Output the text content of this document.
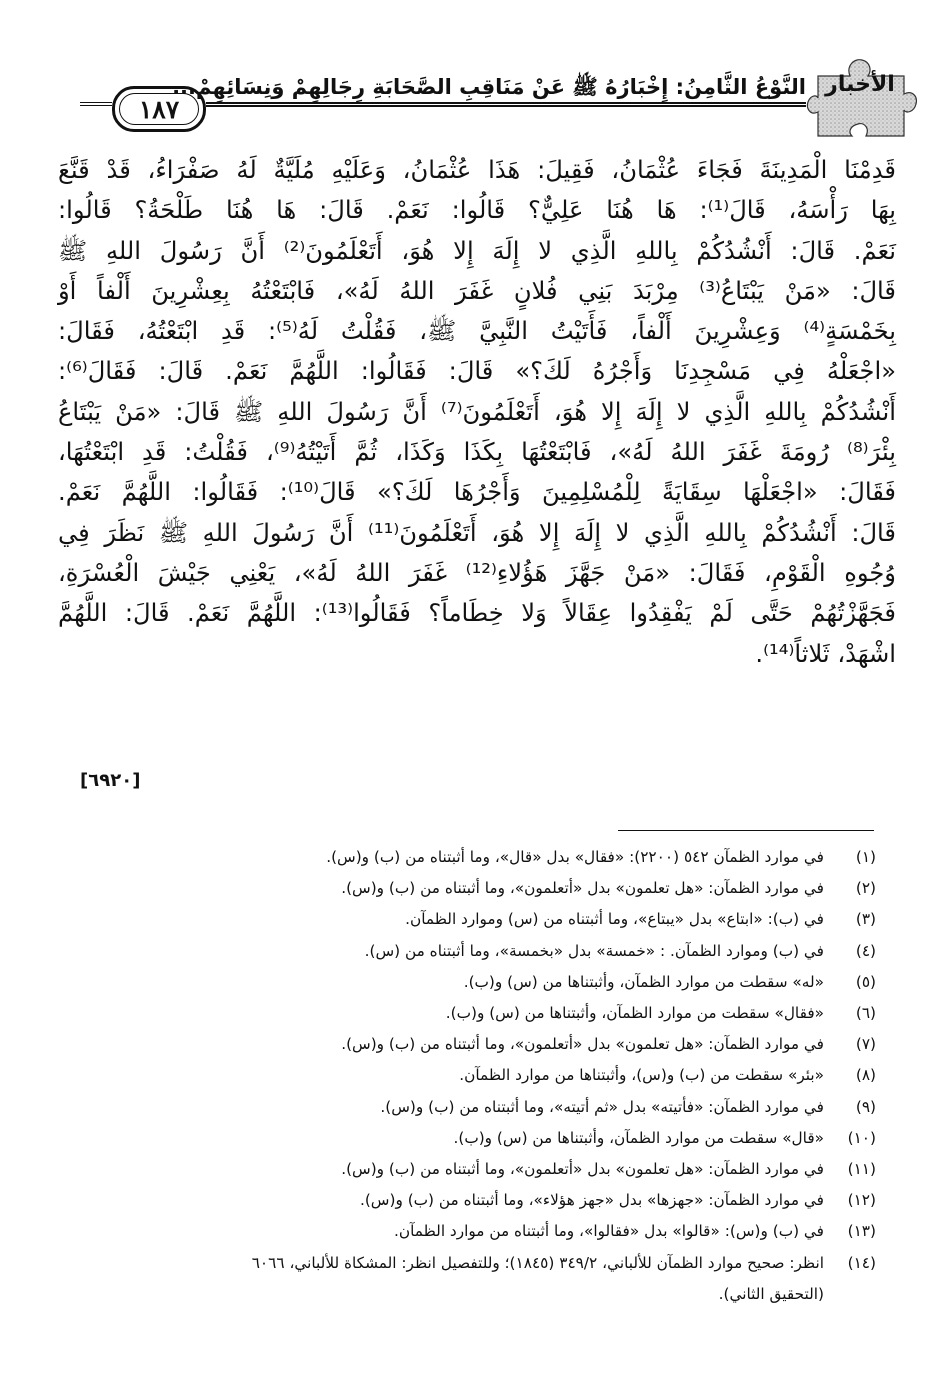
١٨٧
النَّوْعُ الثَّامِنُ: إِخْبَارُهُ ﷺ عَنْ مَنَاقِبِ الصَّحَابَةِ رِجَالِهِمْ وَنِسَائِهِمْ... الأخبار
قَدِمْنَا الْمَدِينَةَ فَجَاءَ عُثْمَانُ، فَقِيلَ: هَذَا عُثْمَانُ، وَعَلَيْهِ مُلَيَّةٌ لَهُ صَفْرَاءُ، قَدْ قَنَّعَ
بِهَا رَأْسَهُ، قَالَ⁽¹⁾: هَا هُنَا عَلِيٌّ؟ قَالُوا: نَعَمْ. قَالَ: هَا هُنَا طَلْحَةُ؟ قَالُوا:
نَعَمْ. قَالَ: أَنْشُدُكُمْ بِاللهِ الَّذِي لا إِلَهَ إِلا هُوَ، أَتَعْلَمُونَ⁽²⁾ أَنَّ رَسُولَ اللهِ ﷺ
قَالَ: «مَنْ يَبْتَاعُ⁽³⁾ مِرْبَدَ بَنِي فُلانٍ غَفَرَ اللهُ لَهُ»، فَابْتَعْتُهُ بِعِشْرِينَ أَلْفاً أَوْ
بِخَمْسَةٍ⁽⁴⁾ وَعِشْرِينَ أَلْفاً، فَأَتَيْتُ النَّبِيَّ ﷺ، فَقُلْتُ لَهُ⁽⁵⁾: قَدِ ابْتَعْتُهُ، فَقَالَ:
«اجْعَلْهُ فِي مَسْجِدِنَا وَأَجْرُهُ لَكَ؟» قَالَ: فَقَالُوا: اللَّهُمَّ نَعَمْ. قَالَ: فَقَالَ⁽⁶⁾:
أَنْشُدُكُمْ بِاللهِ الَّذِي لا إِلَهَ إِلا هُوَ، أَتَعْلَمُونَ⁽⁷⁾ أَنَّ رَسُولَ اللهِ ﷺ قَالَ: «مَنْ يَبْتَاعُ
بِئْرَ⁽⁸⁾ رُومَةَ غَفَرَ اللهُ لَهُ»، فَابْتَعْتُهَا بِكَذَا وَكَذَا، ثُمَّ أَتَيْتُهُ⁽⁹⁾، فَقُلْتُ: قَدِ ابْتَعْتُهَا،
فَقَالَ: «اجْعَلْهَا سِقَايَةً لِلْمُسْلِمِينَ وَأَجْرُهَا لَكَ؟» قَالَ⁽¹⁰⁾: فَقَالُوا: اللَّهُمَّ نَعَمْ.
قَالَ: أَنْشُدُكُمْ بِاللهِ الَّذِي لا إِلَهَ إِلا هُوَ، أَتَعْلَمُونَ⁽¹¹⁾ أَنَّ رَسُولَ اللهِ ﷺ نَظَرَ فِي
وُجُوهِ الْقَوْمِ، فَقَالَ: «مَنْ جَهَّزَ هَؤُلاءِ⁽¹²⁾ غَفَرَ اللهُ لَهُ»، يَعْنِي جَيْشَ الْعُسْرَةِ،
فَجَهَّزْتُهُمْ حَتَّى لَمْ يَفْقِدُوا عِقَالاً وَلا خِطَاماً؟ فَقَالُوا⁽¹³⁾: اللَّهُمَّ نَعَمْ. قَالَ: اللَّهُمَّ
اشْهَدْ، ثَلاثاً⁽¹⁴⁾.
[٦٩٢٠]
(١)
في موارد الظمآن ٥٤٢ (٢٢٠٠): «فقال» بدل «قال»، وما أثبتناه من (ب) و(س).
(٢)
في موارد الظمآن: «هل تعلمون» بدل «أتعلمون»، وما أثبتناه من (ب) و(س).
(٣)
في (ب): «ابتاع» بدل «يبتاع»، وما أثبتناه من (س) وموارد الظمآن.
(٤)
في (ب) وموارد الظمآن. : «خمسة» بدل «بخمسة»، وما أثبتناه من (س).
(٥)
«له» سقطت من موارد الظمآن، وأثبتناها من (س) و(ب).
(٦)
«فقال» سقطت من موارد الظمآن، وأثبتناها من (س) و(ب).
(٧)
في موارد الظمآن: «هل تعلمون» بدل «أتعلمون»، وما أثبتناه من (ب) و(س).
(٨)
«بئر» سقطت من (ب) و(س)، وأثبتناها من موارد الظمآن.
(٩)
في موارد الظمآن: «فأتيته» بدل «ثم أتيته»، وما أثبتناه من (ب) و(س).
(١٠)
«قال» سقطت من موارد الظمآن، وأثبتناها من (س) و(ب).
(١١)
في موارد الظمآن: «هل تعلمون» بدل «أتعلمون»، وما أثبتناه من (ب) و(س).
(١٢)
في موارد الظمآن: «جهزها» بدل «جهز هؤلاء»، وما أثبتناه من (ب) و(س).
(١٣)
في (ب) و(س): «قالوا» بدل «فقالوا»، وما أثبتناه من موارد الظمآن.
(١٤)
انظر: صحيح موارد الظمآن للألباني، ٣٤٩/٢ (١٨٤٥)؛ وللتفصيل انظر: المشكاة للألباني، ٦٠٦٦
(التحقيق الثاني).
